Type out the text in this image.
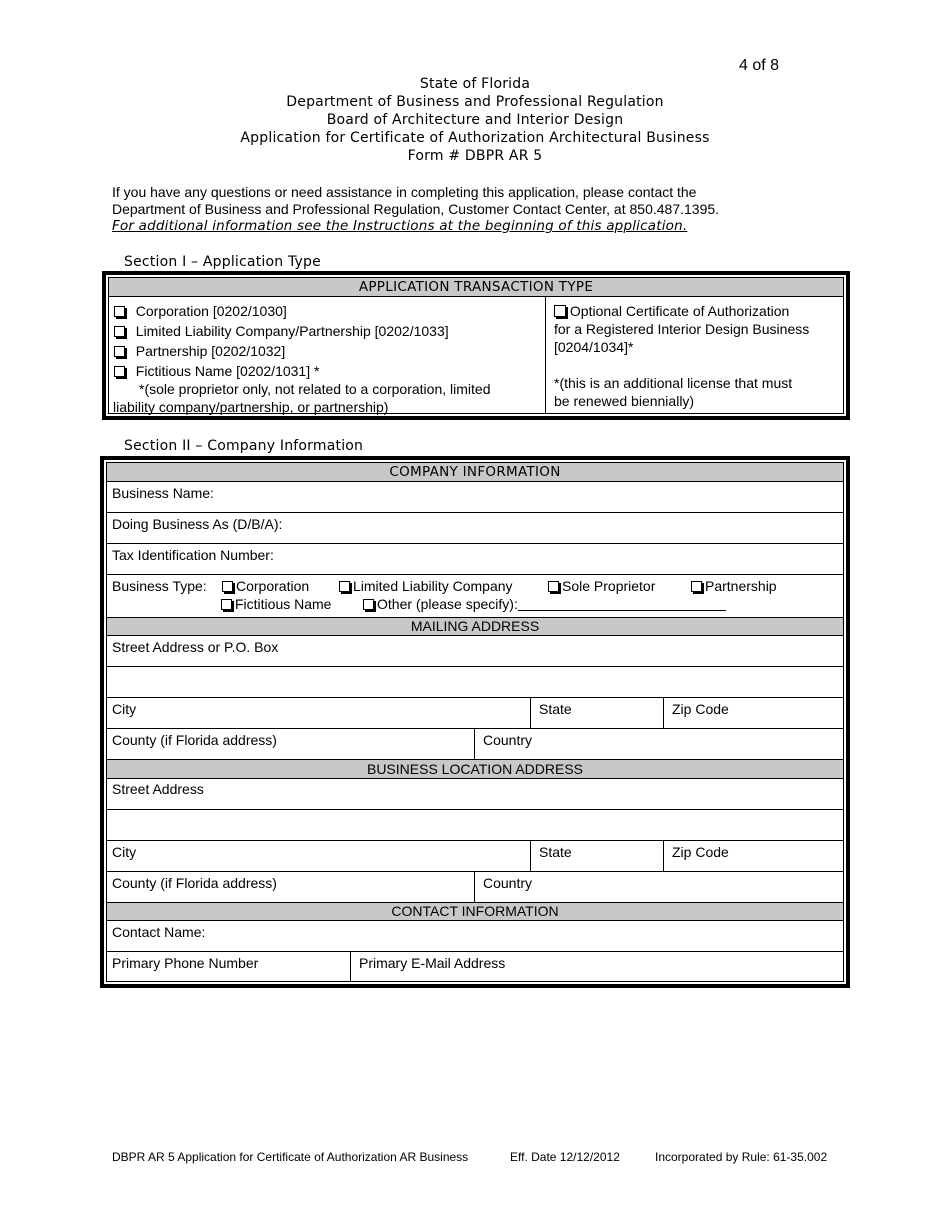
4 of 8
State of Florida
Department of Business and Professional Regulation
Board of Architecture and Interior Design
Application for Certificate of Authorization Architectural Business
Form # DBPR AR 5
If you have any questions or need assistance in completing this application, please contact the
Department of Business and Professional Regulation, Customer Contact Center, at 850.487.1395.
For additional information see the Instructions at the beginning of this application.
Section I – Application Type
APPLICATION TRANSACTION TYPE
Corporation [0202/1030]
Limited Liability Company/Partnership [0202/1033]
Partnership [0202/1032]
Fictitious Name [0202/1031] *
*(sole proprietor only, not related to a corporation, limited
liability company/partnership, or partnership)
Optional Certificate of Authorization
for a Registered Interior Design Business
[0204/1034]*
*(this is an additional license that must
be renewed biennially)
Section II – Company Information
COMPANY INFORMATION
Business Name:
Doing Business As (D/B/A):
Tax Identification Number:
Business Type:	Corporation	Limited Liability Company	Sole Proprietor	Partnership
Fictitious Name	Other (please specify):
MAILING ADDRESS
Street Address or P.O. Box
City	State	Zip Code
County (if Florida address)	Country
BUSINESS LOCATION ADDRESS
Street Address
City	State	Zip Code
County (if Florida address)	Country
CONTACT INFORMATION
Contact Name:
Primary Phone Number	Primary E-Mail Address
DBPR AR 5 Application for Certificate of Authorization AR Business	Eff. Date 12/12/2012	Incorporated by Rule: 61-35.002
